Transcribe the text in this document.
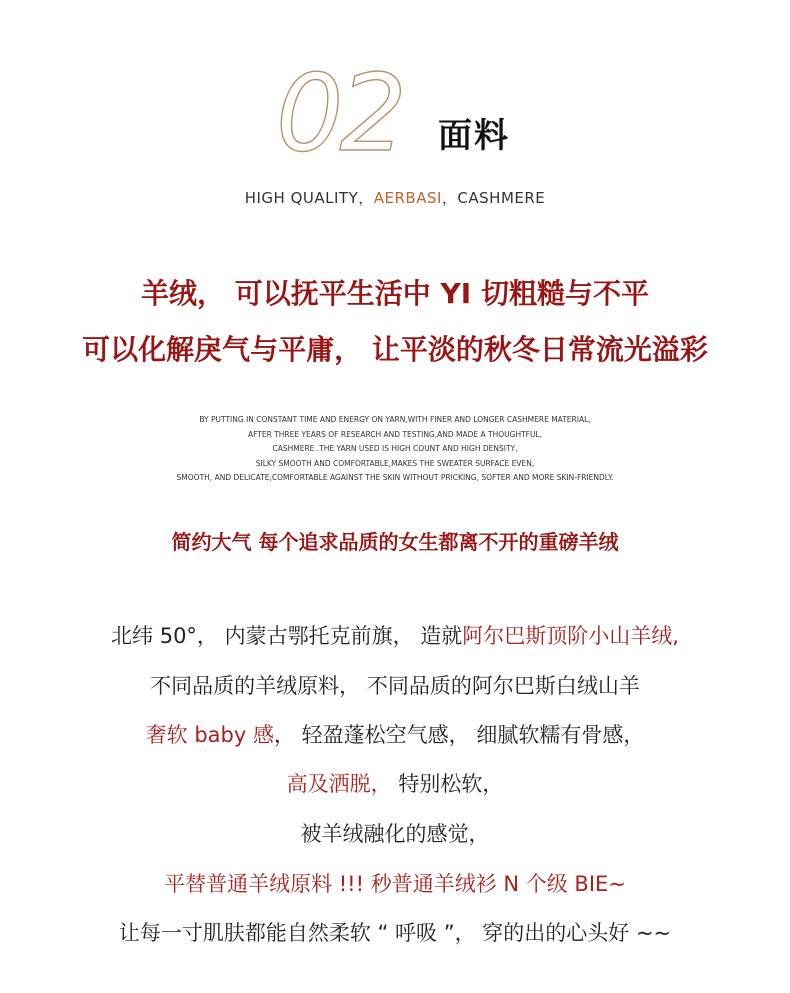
02 面料
HIGH QUALITY，AERBASI，CASHMERE
羊绒， 可以抚平生活中 YI 切粗糙与不平
可以化解戾气与平庸， 让平淡的秋冬日常流光溢彩
BY PUTTING IN CONSTANT TIME AND ENERGY ON YARN,WITH FINER AND LONGER CASHMERE MATERIAL,
AFTER THREE YEARS OF RESEARCH AND TESTING,AND MADE A THOUGHTFUL,
CASHMERE .THE YARN USED IS HIGH COUNT AND HIGH DENSITY,
SILKY SMOOTH AND COMFORTABLE,MAKES THE SWEATER SURFACE EVEN,
SMOOTH, AND DELICATE,COMFORTABLE AGAINST THE SKIN WITHOUT PRICKING, SOFTER AND MORE SKIN-FRIENDLY.
简约大气 每个追求品质的女生都离不开的重磅羊绒
北纬 50°， 内蒙古鄂托克前旗， 造就阿尔巴斯顶阶小山羊绒,
不同品质的羊绒原料， 不同品质的阿尔巴斯白绒山羊
奢软 baby 感， 轻盈蓬松空气感， 细腻软糯有骨感，
高及洒脱， 特别松软，
被羊绒融化的感觉，
平替普通羊绒原料 !!! 秒普通羊绒衫 N 个级 BIE~
让每一寸肌肤都能自然柔软 “ 呼吸 ”， 穿的出的心头好 ~~
